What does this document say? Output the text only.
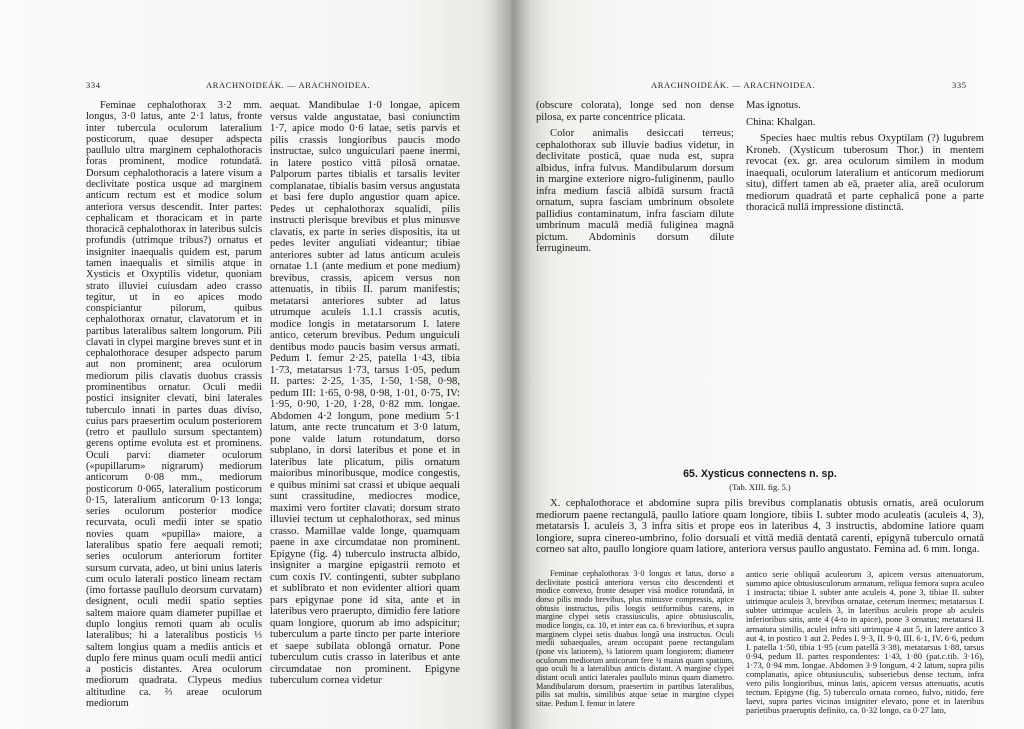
334	ARACHNOIDEÁK. — ARACHNOIDEA.

Feminae cephalothorax 3·2 mm. longus, 3·0 latus, ante 2·1 latus, fronte inter tubercula oculorum lateralium posticorum, quae desuper adspecta paullulo ultra marginem cephalothoracis foras prominent, modice rotundatā. Dorsum cephalothoracis a latere visum a declivitate postica usque ad marginem anticum rectum est et modice solum anteriora versus descendit. Inter partes: cephalicam et thoracicam et in parte thoracicā cephalothorax in lateribus sulcis profundis (utrimque tribus?) ornatus et insigniter inaequalis quidem est, parum tamen inaequalis et similis atque in Xysticis et Oxyptilis videtur, quoniam strato illuviei cuiusdam adeo crasso tegitur, ut in eo apices modo conspiciantur pilorum, quibus cephalothorax ornatur, clavatorum et in partibus lateralibus saltem longorum. Pili clavati in clypei margine breves sunt et in cephalothorace desuper adspecto parum aut non prominent; area oculorum mediorum pilis clavatis duobus crassis prominentibus ornatur. Oculi medii postici insigniter clevati, bini laterales tuberculo innati in partes duas diviso, cuius pars praesertim oculum posteriorem (retro et paullulo sursum spectantem) gerens optime evoluta est et prominens. Oculi parvi: diameter oculorum («pupillarum» nigrarum) mediorum anticorum 0·08 mm., mediorum posticorum 0·065, lateralium posticorum 0·15, lateralium anticorum 0·13 longa; series oculorum posterior modice recurvata, oculi medii inter se spatio novies quam «pupilla» maiore, a lateralibus spatio fere aequali remoti; series oculorum anteriorum fortiter sursum curvata, adeo, ut bini unius lateris cum oculo laterali postico lineam rectam (imo fortasse paullulo deorsum curvatam) designent, oculi medii spatio septies saltem maiore quam diameter pupillae et duplo longius remoti quam ab oculis lateralibus; hi a lateralibus posticis ⅓ saltem longius quam a mediis anticis et duplo fere minus quam oculi medii antici a posticis distantes. Area oculorum mediorum quadrata. Clypeus medius altitudine ca. ⅔ areae oculorum mediorum

aequat. Mandibulae 1·0 longae, apicem versus valde angustatae, basi coniunctim 1·7, apice modo 0·6 latae, setis parvis et pilis crassis longioribus paucis modo instructae, sulco unguiculari paene inermi, in latere postico vittā pilosā ornatae. Palporum partes tibialis et tarsalis leviter complanatae, tibialis basim versus angustata et basi fere duplo angustior quam apice. Pedes ut cephalothorax squalidi, pilis instructi plerisque brevibus et plus minusve clavatis, ex parte in series dispositis, ita ut pedes leviter anguliati videantur; tibiae anteriores subter ad latus anticum aculeis ornatae 1.1 (ante medium et pone medium) brevibus, crassis, apicem versus non attenuatis, in tibiis II. parum manifestis; metatarsi anteriores subter ad latus utrumque aculeis 1.1.1 crassis acutis, modice longis in metatarsorum I. latere antico, ceterum brevibus. Pedum unguiculi dentibus modo paucis basim versus armati. Pedum I. femur 2·25, patella 1·43, tibia 1·73, metatarsus 1·73, tarsus 1·05, pedum II. partes: 2·25, 1·35, 1·50, 1·58, 0·98, pedum III: 1·65, 0·98, 0·98, 1·01, 0·75, IV: 1·95, 0·90, 1·20, 1·28, 0·82 mm. longae. Abdomen 4·2 longum, pone medium 5·1 latum, ante recte truncatum et 3·0 latum, pone valde latum rotundatum, dorso subplano, in dorsi lateribus et pone et in lateribus late plicatum, pilis ornatum maioribus minoribusque, modice congestis, e quibus minimi sat crassi et ubique aequali sunt crassitudine, mediocres modice, maximi vero fortiter clavati; dorsum strato illuviei tectum ut cephalothorax, sed minus crasso. Mamillae valde longe, quamquam paene in axe circumdatae non prominent. Epigyne (fig. 4) tuberculo instructa albido, insigniter a margine epigastrii remoto et cum coxis IV. contingenti, subter subplano et sublibrato et non evidenter altiori quam pars epigynae pone id sita, ante et in lateribus vero praerupto, dimidio fere latiore quam longiore, quorum ab imo adspicitur; tuberculum a parte tincto per parte interiore et saepe subilata oblongā ornatur. Pone tuberculum cutis crasso in lateribus et ante circumdatae non prominent. Epigyne tuberculum cornea videtur

ARACHNOIDEÁK. — ARACHNOIDEA.	335

(obscure colorata), longe sed non dense pilosa, ex parte concentrice plicata.

Color animalis desiccati terreus; cephalothorax sub illuvie badius videtur, in declivitate posticā, quae nuda est, supra albidus, infra fulvus. Mandibularum dorsum in margine exteriore nigro-fuliginenm, paullo infra medium fasciā albidā sursum fractā ornatum, supra fasciam umbrinum obsolete pallidius contaminatum, infra fasciam dilute umbrinum maculā mediā fuliginea magnā pictum. Abdominis dorsum dilute ferrugineum.

Mas ignotus.

China: Khalgan.

Species haec multis rebus Oxyptilam (?) lugubrem Kroneb. (Xysticum tuberosum Thor.) in mentem revocat (ex. gr. area oculorum similem in modum inaequali, oculorum lateralium et anticorum mediorum situ), differt tamen ab eā, praeter alia, areā oculorum mediorum quadratā et parte cephalicā pone a parte thoracicā nullā impressione distinctā.

65. Xysticus connectens n. sp.
(Tab. XIII. fig. 5.)

X. cephalothorace et abdomine supra pilis brevibus complanatis obtusis ornatis, areā oculorum mediorum paene rectangulā, paullo latiore quam longiore, tibiis I. subter modo aculeatis (aculeis 4, 3), metatarsis I. aculeis 3, 3 infra sitis et prope eos in lateribus 4, 3 instructis, abdomine latiore quam longiore, supra cinereo-umbrino, folio dorsuali et vittā mediā dentatā carenti, epigynā tuberculo ornatā corneo sat alto, paullo longiore quam latiore, anteriora versus paullo angustato. Femina ad. 6 mm. longa.

Feminae cephalothorax 3·0 longus et latus, dorso a declivitate posticā anteriora versus cito descendenti et modice convexo, fronte desuper visā modice rotundatā, in dorso pilis modo brevibus, plus minusve compressis, apice obtusis instructus, pilis longis setiformibus carens, in margine clypei setis crassiusculis, apice obtusiusculis, modice longis, ca. 10, et inter eas ca. 6 brevioribus, et supra marginem clypei setis duabus longā una instructus. Oculi medii subaequales, aream occupant paene rectangulam (pone vix latiorem), ¼ latiorem quam longiorem; diameter oculorum mediorum anticorum fere ¾ maius quam spatium, quo oculi hi a lateralibus anticis distant. A margine clypei distant oculi antici laterales paullulo minus quam diametro. Mandibularum dorsum, praesertim in partibus lateralibus, pilis sat multis, similibus atque setae in margine clypei sitae. Pedum I. femur in latere

antico serie obliquā aculeorum 3, apicem versus attenuatorum, summo apice obtusiusculorum armatum, reliqua femora supra aculeo 1 instructa; tibiae I. subter ante aculeis 4, pone 3, tibiae II. subter utrimque aculeis 3, brevibus ornatae, ceterum inermes; metatarsus I. subter utrimque aculeis 3, in lateribus aculeis prope ab aculeis inferioribus sitis, ante 4 (4-to in apice), pone 3 ornatus; metatarsi II. armatura similis, aculei infra siti utrimque 4 aut 5, in latere antico 3 aut 4, in postico 1 aut 2. Pedes I. 9·3, II. 9·0, III. 6·1, IV. 6·6, pedum I. patella 1·50, tibia 1·95 (cum patellā 3·38), metatarsus 1·88, tarsus 0·94, pedum II. partes respondentes: 1·43, 1·80 (pat.c.tib. 3·16), 1·73, 0·94 mm. longae. Abdomen 3·9 longum, 4·2 latum, supra pilis complanatis, apice obtusiusculis, subseriebus dense tectum, infra vero pilis longioribus, minus latis, apicem versus attenuatis, acutis tectum. Epigyne (fig. 5) tuberculo ornata corneo, fulvo, nitido, fere laevi, supra partes vicinas insigniter elevato, pone et in lateribus parietibus praeruptis definito, ca. 0·32 longo, ca 0·27 lato,
